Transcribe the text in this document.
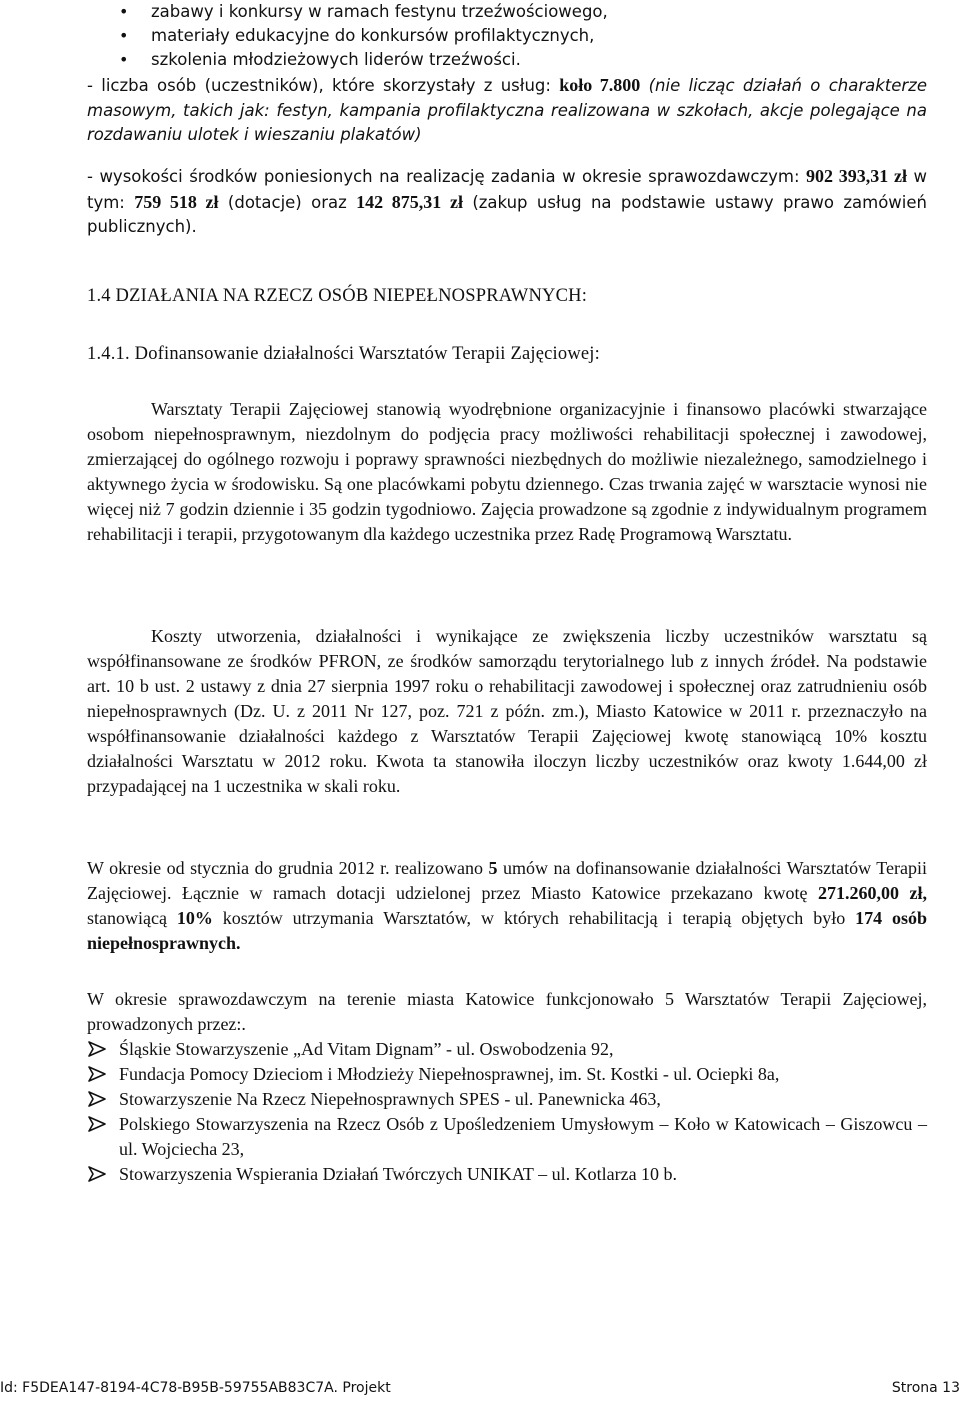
• zabawy i konkursy w ramach festynu trzeźwościowego,
• materiały edukacyjne do konkursów profilaktycznych,
• szkolenia młodzieżowych liderów trzeźwości.

- liczba osób (uczestników), które skorzystały z usług: koło 7.800 (nie licząc działań o charakterze masowym, takich jak: festyn, kampania profilaktyczna realizowana w szkołach, akcje polegające na rozdawaniu ulotek i wieszaniu plakatów)

- wysokości środków poniesionych na realizację zadania w okresie sprawozdawczym: 902 393,31 zł w tym: 759 518 zł (dotacje) oraz 142 875,31 zł (zakup usług na podstawie ustawy prawo zamówień publicznych).

1.4 DZIAŁANIA NA RZECZ OSÓB NIEPEŁNOSPRAWNYCH:
1.4.1. Dofinansowanie działalności Warsztatów Terapii Zajęciowej:

Warsztaty Terapii Zajęciowej stanowią wyodrębnione organizacyjnie i finansowo placówki stwarzające osobom niepełnosprawnym, niezdolnym do podjęcia pracy możliwości rehabilitacji społecznej i zawodowej, zmierzającej do ogólnego rozwoju i poprawy sprawności niezbędnych do możliwie niezależnego, samodzielnego i aktywnego życia w środowisku. Są one placówkami pobytu dziennego. Czas trwania zajęć w warsztacie wynosi nie więcej niż 7 godzin dziennie i 35 godzin tygodniowo. Zajęcia prowadzone są zgodnie z indywidualnym programem rehabilitacji i terapii, przygotowanym dla każdego uczestnika przez Radę Programową Warsztatu.

Koszty utworzenia, działalności i wynikające ze zwiększenia liczby uczestników warsztatu są współfinansowane ze środków PFRON, ze środków samorządu terytorialnego lub z innych źródeł. Na podstawie art. 10 b ust. 2 ustawy z dnia 27 sierpnia 1997 roku o rehabilitacji zawodowej i społecznej oraz zatrudnieniu osób niepełnosprawnych (Dz. U. z 2011 Nr 127, poz. 721 z późn. zm.), Miasto Katowice w 2011 r. przeznaczyło na współfinansowanie działalności każdego z Warsztatów Terapii Zajęciowej kwotę stanowiącą 10% kosztu działalności Warsztatu w 2012 roku. Kwota ta stanowiła iloczyn liczby uczestników oraz kwoty 1.644,00 zł przypadającej na 1 uczestnika w skali roku.

W okresie od stycznia do grudnia 2012 r. realizowano 5 umów na dofinansowanie działalności Warsztatów Terapii Zajęciowej. Łącznie w ramach dotacji udzielonej przez Miasto Katowice przekazano kwotę 271.260,00 zł, stanowiącą 10% kosztów utrzymania Warsztatów, w których rehabilitacją i terapią objętych było 174 osób niepełnosprawnych.

W okresie sprawozdawczym na terenie miasta Katowice funkcjonowało 5 Warsztatów Terapii Zajęciowej, prowadzonych przez:.

Śląskie Stowarzyszenie „Ad Vitam Dignam” - ul. Oswobodzenia 92,
Fundacja Pomocy Dzieciom i Młodzieży Niepełnosprawnej, im. St. Kostki - ul. Ociepki 8a,
Stowarzyszenie Na Rzecz Niepełnosprawnych SPES - ul. Panewnicka 463,
Polskiego Stowarzyszenia na Rzecz Osób z Upośledzeniem Umysłowym – Koło w Katowicach – Giszowcu – ul. Wojciecha 23,
Stowarzyszenia Wspierania Działań Twórczych UNIKAT – ul. Kotlarza 10 b.
Id: F5DEA147-8194-4C78-B95B-59755AB83C7A. Projekt	Strona 13
